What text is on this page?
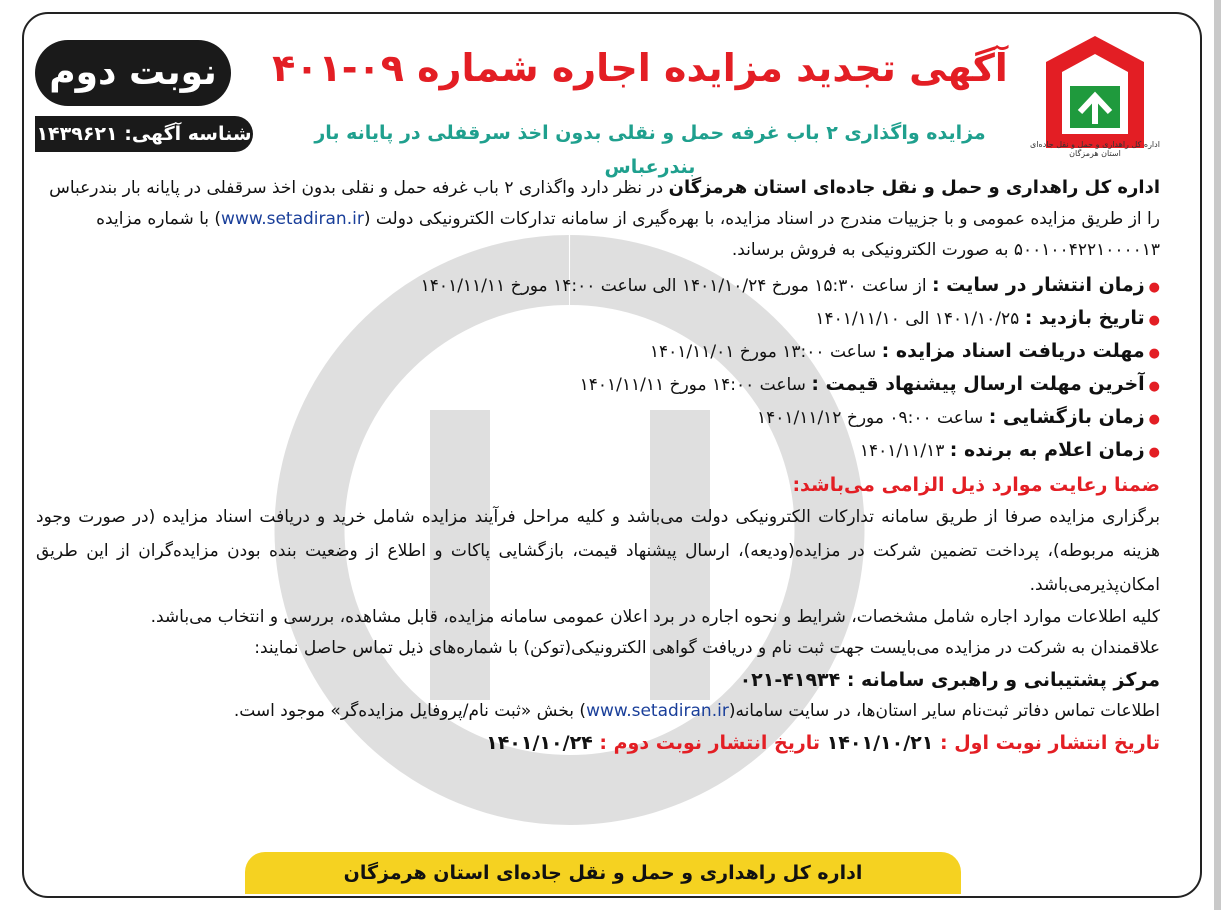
اداره کل راهداری و حمل و نقل جاده‌ای استان هرمزگان
نوبت دوم
شناسه آگهی: ۱۴۳۹۶۲۱
آگهی تجدید مزایده اجاره شماره ۰۹-۴۰۱
مزایده واگذاری ۲ باب غرفه حمل و نقلی بدون اخذ سرقفلی در پایانه بار بندرعباس
اداره کل راهداری و حمل و نقل جاده‌ای استان هرمزگان در نظر دارد واگذاری ۲ باب غرفه حمل و نقلی بدون اخذ سرقفلی در پایانه بار بندرعباس را از طریق مزایده عمومی و با جزییات مندرج در اسناد مزایده، با بهره‌گیری از سامانه تدارکات الکترونیکی دولت (www.setadiran.ir) با شماره مزایده ۵۰۰۱۰۰۴۲۲۱۰۰۰۰۱۳ به صورت الکترونیکی به فروش برساند.
●زمان انتشار در سایت : از ساعت ۱۵:۳۰ مورخ ۱۴۰۱/۱۰/۲۴ الی ساعت ۱۴:۰۰ مورخ ۱۴۰۱/۱۱/۱۱
●تاریخ بازدید : ۱۴۰۱/۱۰/۲۵ الی ۱۴۰۱/۱۱/۱۰
●مهلت دریافت اسناد مزایده : ساعت ۱۳:۰۰ مورخ ۱۴۰۱/۱۱/۰۱
●آخرین مهلت ارسال پیشنهاد قیمت : ساعت ۱۴:۰۰ مورخ ۱۴۰۱/۱۱/۱۱
●زمان بازگشایی : ساعت ۰۹:۰۰ مورخ ۱۴۰۱/۱۱/۱۲
●زمان اعلام به برنده : ۱۴۰۱/۱۱/۱۳
ضمنا رعایت موارد ذیل الزامی می‌باشد:
برگزاری مزایده صرفا از طریق سامانه تدارکات الکترونیکی دولت می‌باشد و کلیه مراحل فرآیند مزایده شامل خرید و دریافت اسناد مزایده (در صورت وجود هزینه مربوطه)، پرداخت تضمین شرکت در مزایده(ودیعه)، ارسال پیشنهاد قیمت، بازگشایی پاکات و اطلاع از وضعیت بنده بودن مزایده‌گران از این طریق امکان‌پذیرمی‌باشد.
کلیه اطلاعات موارد اجاره شامل مشخصات، شرایط و نحوه اجاره در برد اعلان عمومی سامانه مزایده، قابل مشاهده، بررسی و انتخاب می‌باشد.
علاقمندان به شرکت در مزایده می‌بایست جهت ثبت نام و دریافت گواهی الکترونیکی(توکن) با شماره‌های ذیل تماس حاصل نمایند:
مرکز پشتیبانی و راهبری سامانه : ۴۱۹۳۴-۰۲۱
اطلاعات تماس دفاتر ثبت‌نام سایر استان‌ها، در سایت سامانه(www.setadiran.ir) بخش «ثبت نام/پروفایل مزایده‌گر» موجود است.
تاریخ انتشار نوبت اول : ۱۴۰۱/۱۰/۲۱ تاریخ انتشار نوبت دوم : ۱۴۰۱/۱۰/۲۴
اداره کل راهداری و حمل و نقل جاده‌ای استان هرمزگان
